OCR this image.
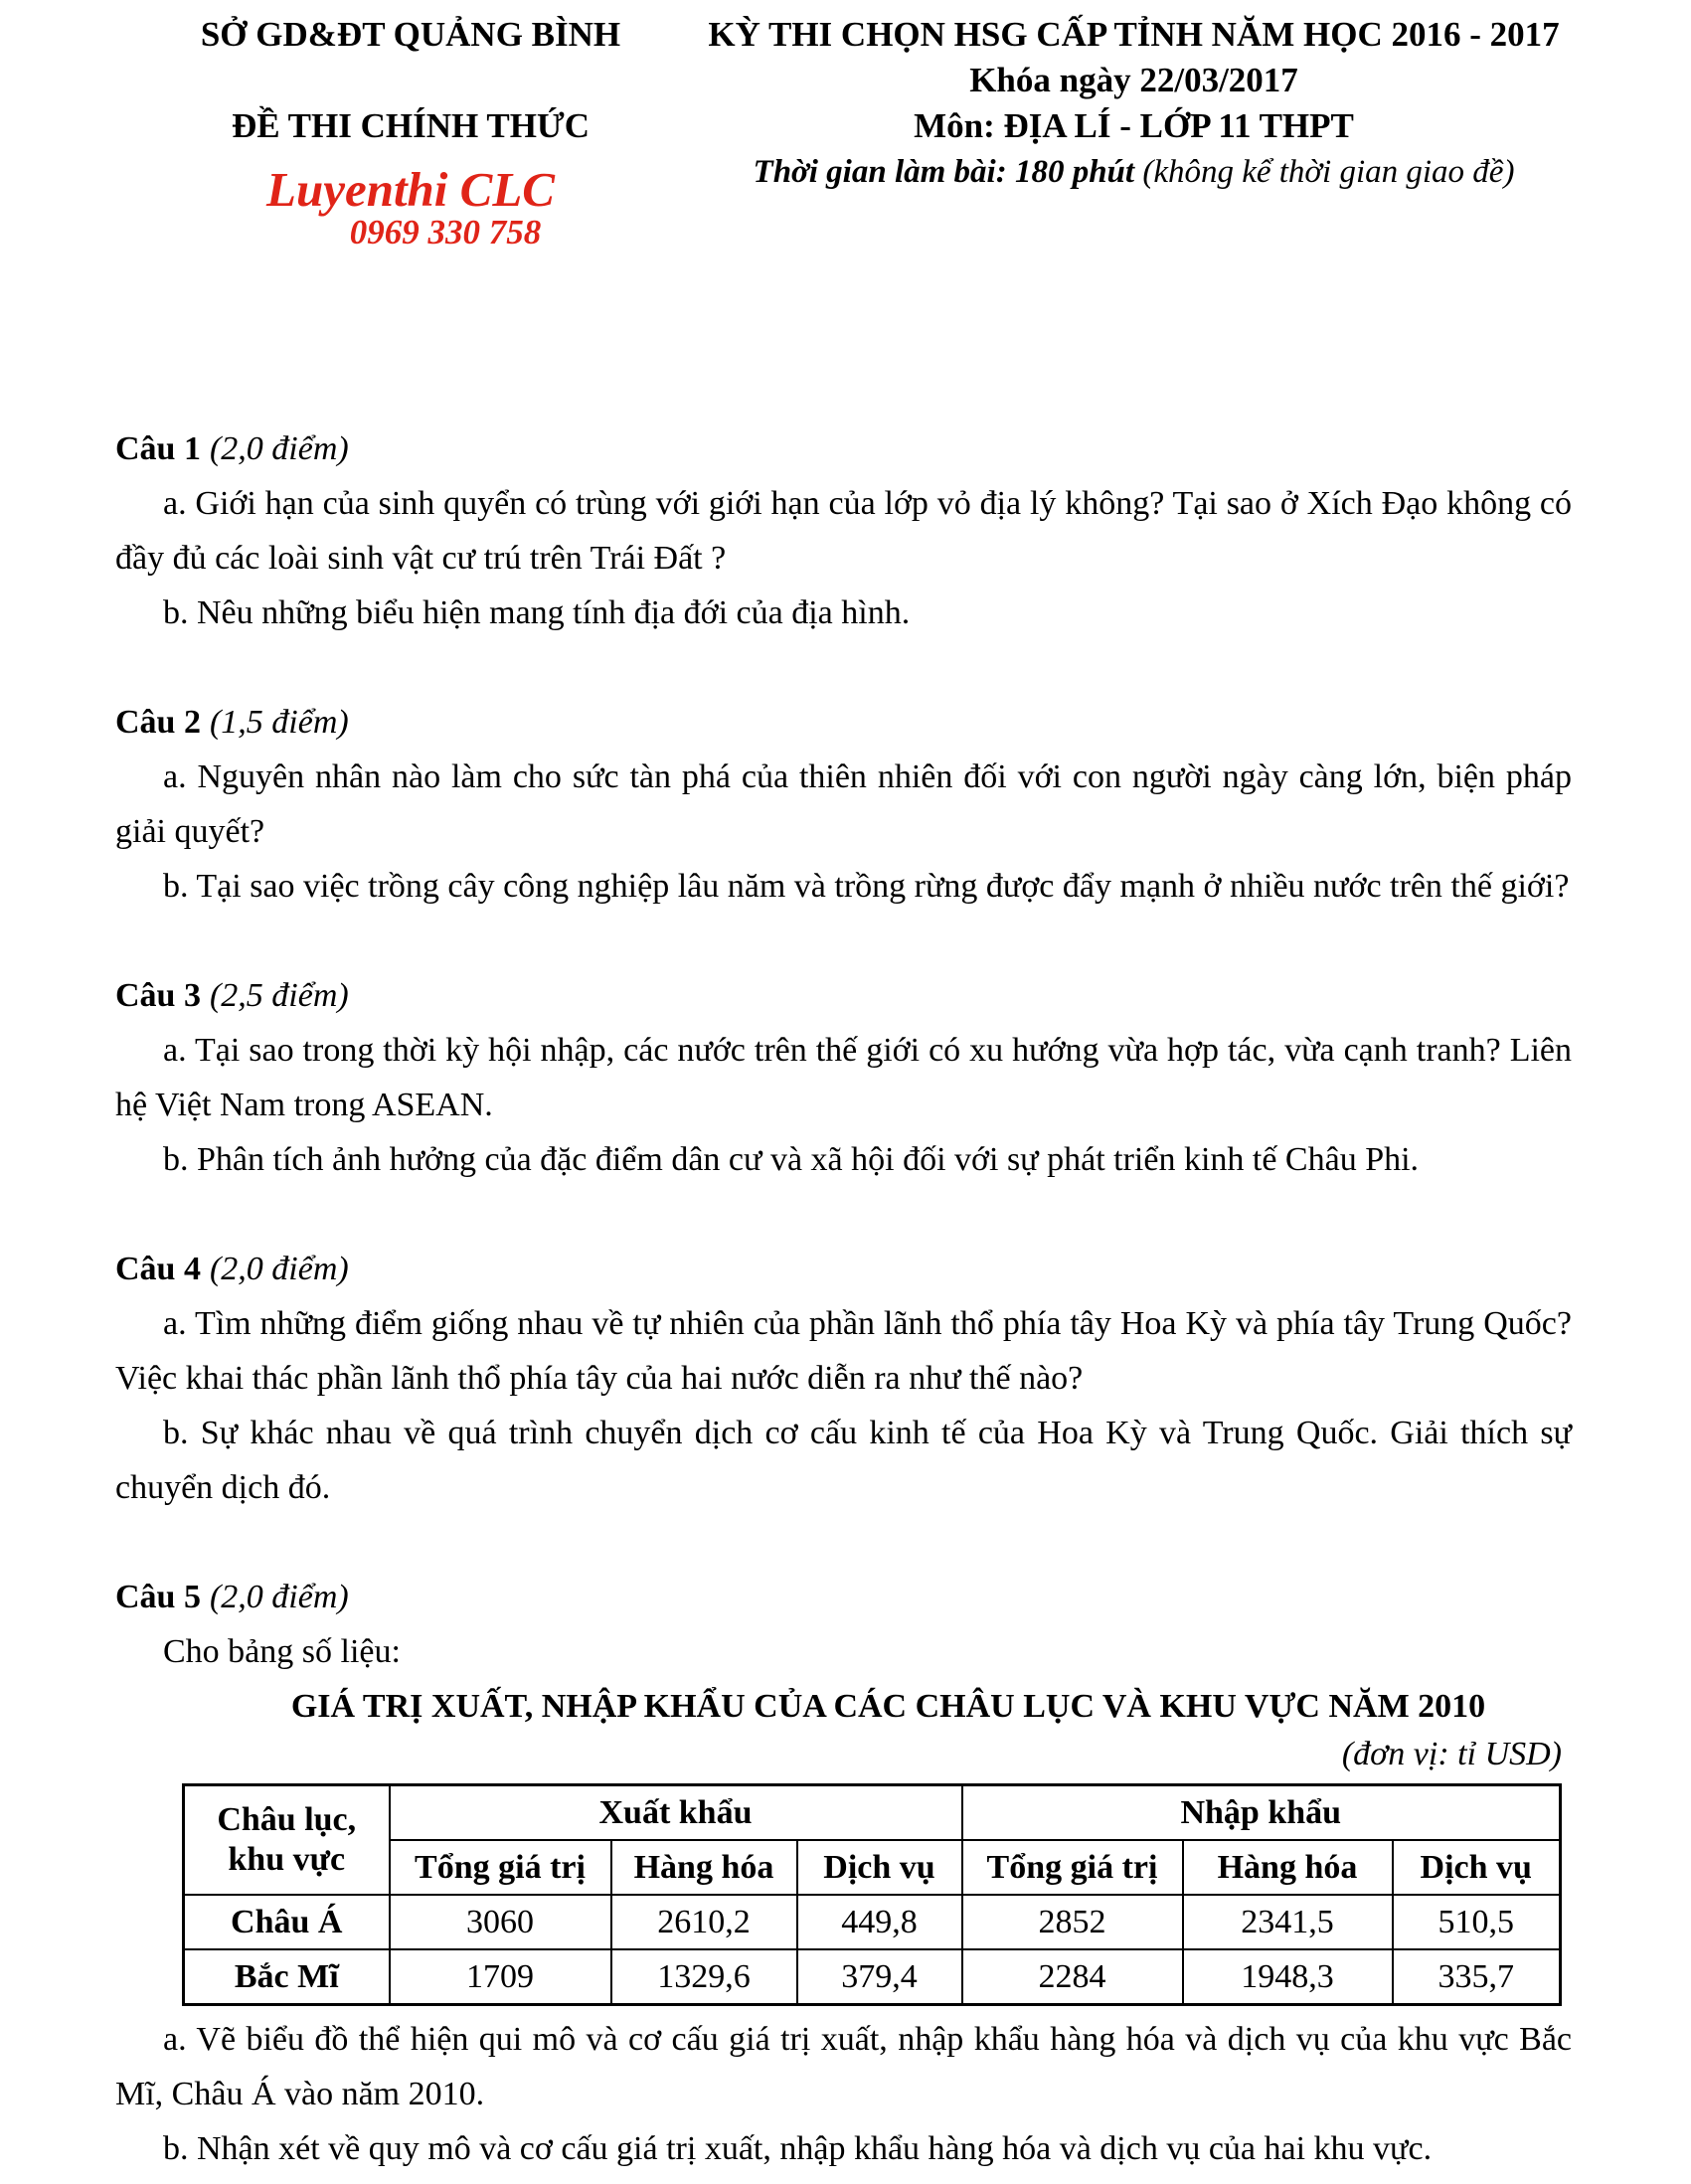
SỞ GD&ĐT QUẢNG BÌNH
ĐỀ THI CHÍNH THỨC
Luyenthi CLC
0969 330 758
KỲ THI CHỌN HSG CẤP TỈNH NĂM HỌC 2016 - 2017
Khóa ngày 22/03/2017
Môn: ĐỊA LÍ - LỚP 11 THPT
Thời gian làm bài: 180 phút (không kể thời gian giao đề)
Câu 1 (2,0 điểm)

a. Giới hạn của sinh quyển có trùng với giới hạn của lớp vỏ địa lý không? Tại sao ở Xích Đạo không có đầy đủ các loài sinh vật cư trú trên Trái Đất ?

b. Nêu những biểu hiện mang tính địa đới của địa hình.

Câu 2 (1,5 điểm)

a. Nguyên nhân nào làm cho sức tàn phá của thiên nhiên đối với con người ngày càng lớn, biện pháp giải quyết?

b. Tại sao việc trồng cây công nghiệp lâu năm và trồng rừng được đẩy mạnh ở nhiều nước trên thế giới?

Câu 3 (2,5 điểm)

a. Tại sao trong thời kỳ hội nhập, các nước trên thế giới có xu hướng vừa hợp tác, vừa cạnh tranh? Liên hệ Việt Nam trong ASEAN.

b. Phân tích ảnh hưởng của đặc điểm dân cư và xã hội đối với sự phát triển kinh tế Châu Phi.

Câu 4 (2,0 điểm)

a. Tìm những điểm giống nhau về tự nhiên của phần lãnh thổ phía tây Hoa Kỳ và phía tây Trung Quốc? Việc khai thác phần lãnh thổ phía tây của hai nước diễn ra như thế nào?

b. Sự khác nhau về quá trình chuyển dịch cơ cấu kinh tế của Hoa Kỳ và Trung Quốc. Giải thích sự chuyển dịch đó.

Câu 5 (2,0 điểm)

Cho bảng số liệu:

GIÁ TRỊ XUẤT, NHẬP KHẨU CỦA CÁC CHÂU LỤC VÀ KHU VỰC NĂM 2010

(đơn vị: tỉ USD)

Châu lục,
khu vực	Xuất khẩu			Nhập khẩu		
	Tổng giá trị	Hàng hóa	Dịch vụ	Tổng giá trị	Hàng hóa	Dịch vụ
Châu Á	3060	2610,2	449,8	2852	2341,5	510,5
Bắc Mĩ	1709	1329,6	379,4	2284	1948,3	335,7

a. Vẽ biểu đồ thể hiện qui mô và cơ cấu giá trị xuất, nhập khẩu hàng hóa và dịch vụ của khu vực Bắc Mĩ, Châu Á vào năm 2010.

b. Nhận xét về quy mô và cơ cấu giá trị xuất, nhập khẩu hàng hóa và dịch vụ của hai khu vực.
